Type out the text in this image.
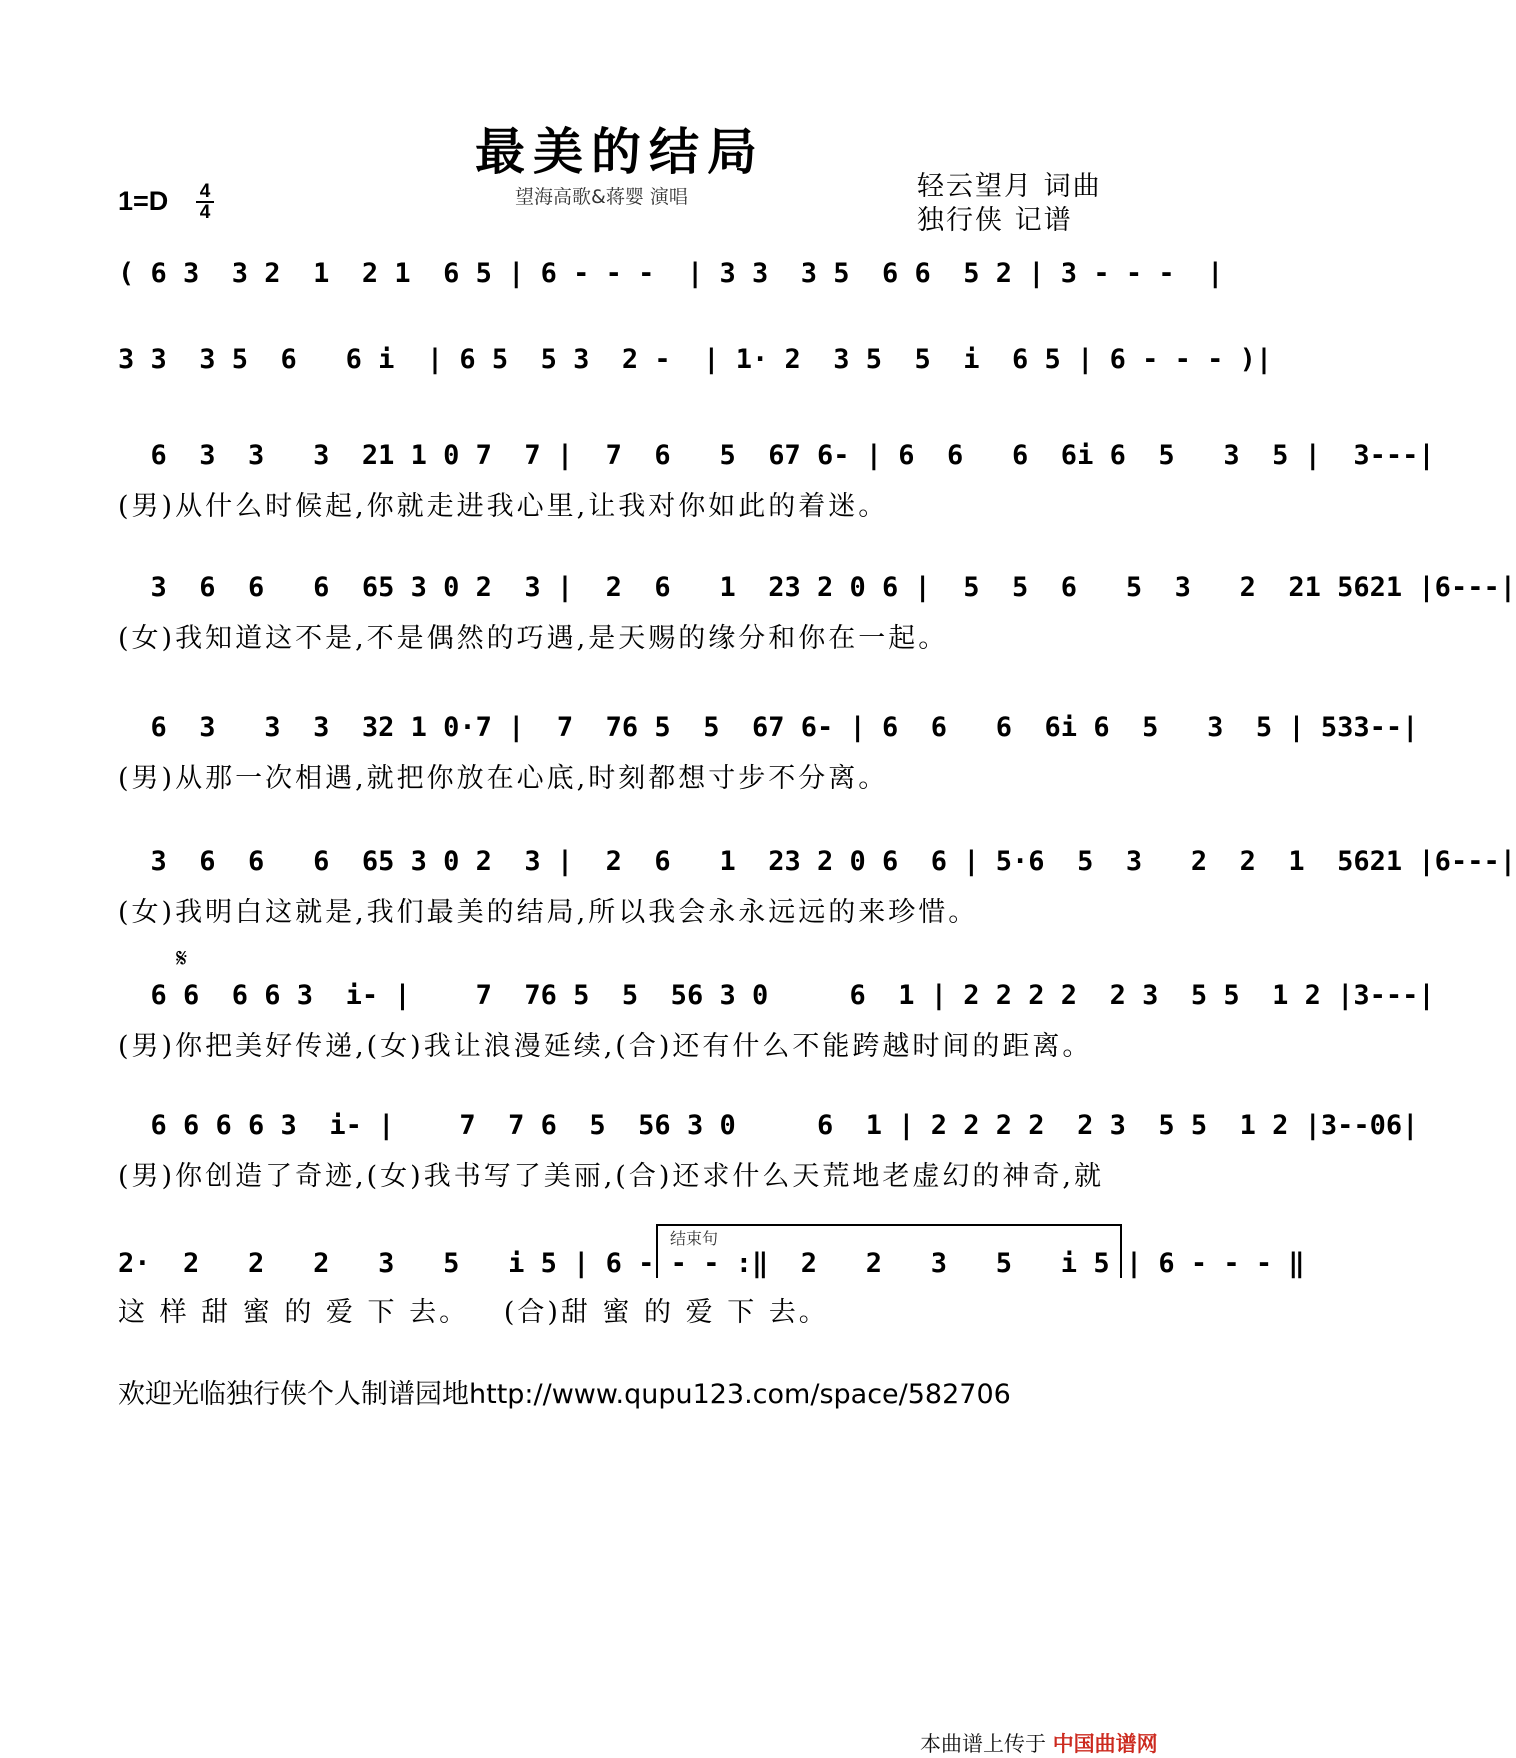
最美的结局
望海高歌&蒋婴 演唱	轻云望月 词曲
独行侠 记谱
1=D 4
4
( 6 3  3 2  1  2 1  6 5 | 6 - - -  | 3 3  3 5  6 6  5 2 | 3 - - -  |
3 3  3 5  6   6 i  | 6 5  5 3  2 -  | 1· 2  3 5  5  i  6 5 | 6 - - - )|
6  3  3   3  21 1 0 7  7 |  7  6   5  67 6- | 6  6   6  6i 6  5   3  5 |  3---|
(男)从什么时候起,你就走进我心里,让我对你如此的着迷。
3  6  6   6  65 3 0 2  3 |  2  6   1  23 2 0 6 |  5  5  6   5  3   2  21 5621 |6---|
(女)我知道这不是,不是偶然的巧遇,是天赐的缘分和你在一起。
6  3   3  3  32 1 0·7 |  7  76 5  5  67 6- | 6  6   6  6i 6  5   3  5 | 533--|
(男)从那一次相遇,就把你放在心底,时刻都想寸步不分离。
3  6  6   6  65 3 0 2  3 |  2  6   1  23 2 0 6  6 | 5·6  5  3   2  2  1  5621 |6---|
(女)我明白这就是,我们最美的结局,所以我会永永远远的来珍惜。
𝄋
6 6  6 6 3  i- |    7  76 5  5  56 3 0     6  1 | 2 2 2 2  2 3  5 5  1 2 |3---|
(男)你把美好传递,(女)我让浪漫延续,(合)还有什么不能跨越时间的距离。
6 6 6 6 3  i- |    7  7 6  5  56 3 0     6  1 | 2 2 2 2  2 3  5 5  1 2 |3--06|
(男)你创造了奇迹,(女)我书写了美丽,(合)还求什么天荒地老虚幻的神奇,就
结束句
2·  2   2   2   3   5   i 5 | 6 - - - :‖  2   2   3   5   i 5 | 6 - - - ‖
这 样 甜 蜜 的 爱 下 去。   (合)甜 蜜 的 爱 下 去。
欢迎光临独行侠个人制谱园地http://www.qupu123.com/space/582706
本曲谱上传于 中国曲谱网
